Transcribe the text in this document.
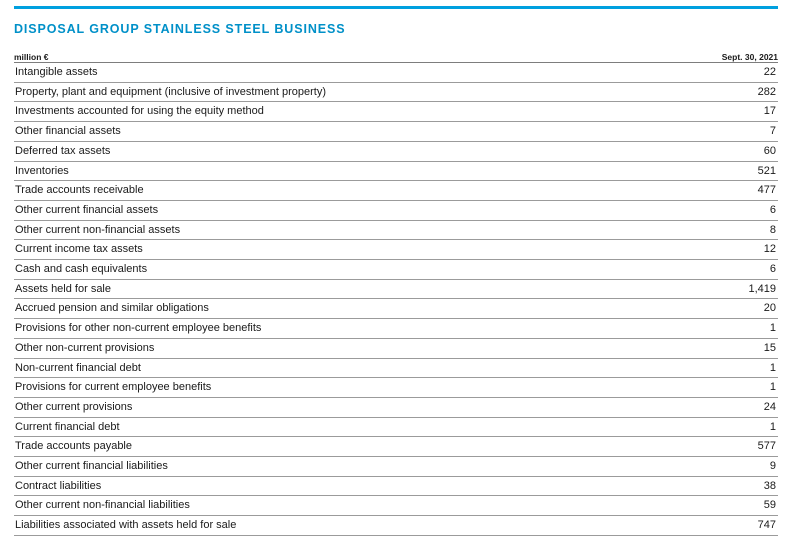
DISPOSAL GROUP STAINLESS STEEL BUSINESS
million €	Sept. 30, 2021
Intangible assets	22
Property, plant and equipment (inclusive of investment property)	282
Investments accounted for using the equity method	17
Other financial assets	7
Deferred tax assets	60
Inventories	521
Trade accounts receivable	477
Other current financial assets	6
Other current non-financial assets	8
Current income tax assets	12
Cash and cash equivalents	6
Assets held for sale	1,419
Accrued pension and similar obligations	20
Provisions for other non-current employee benefits	1
Other non-current provisions	15
Non-current financial debt	1
Provisions for current employee benefits	1
Other current provisions	24
Current financial debt	1
Trade accounts payable	577
Other current financial liabilities	9
Contract liabilities	38
Other current non-financial liabilities	59
Liabilities associated with assets held for sale	747
